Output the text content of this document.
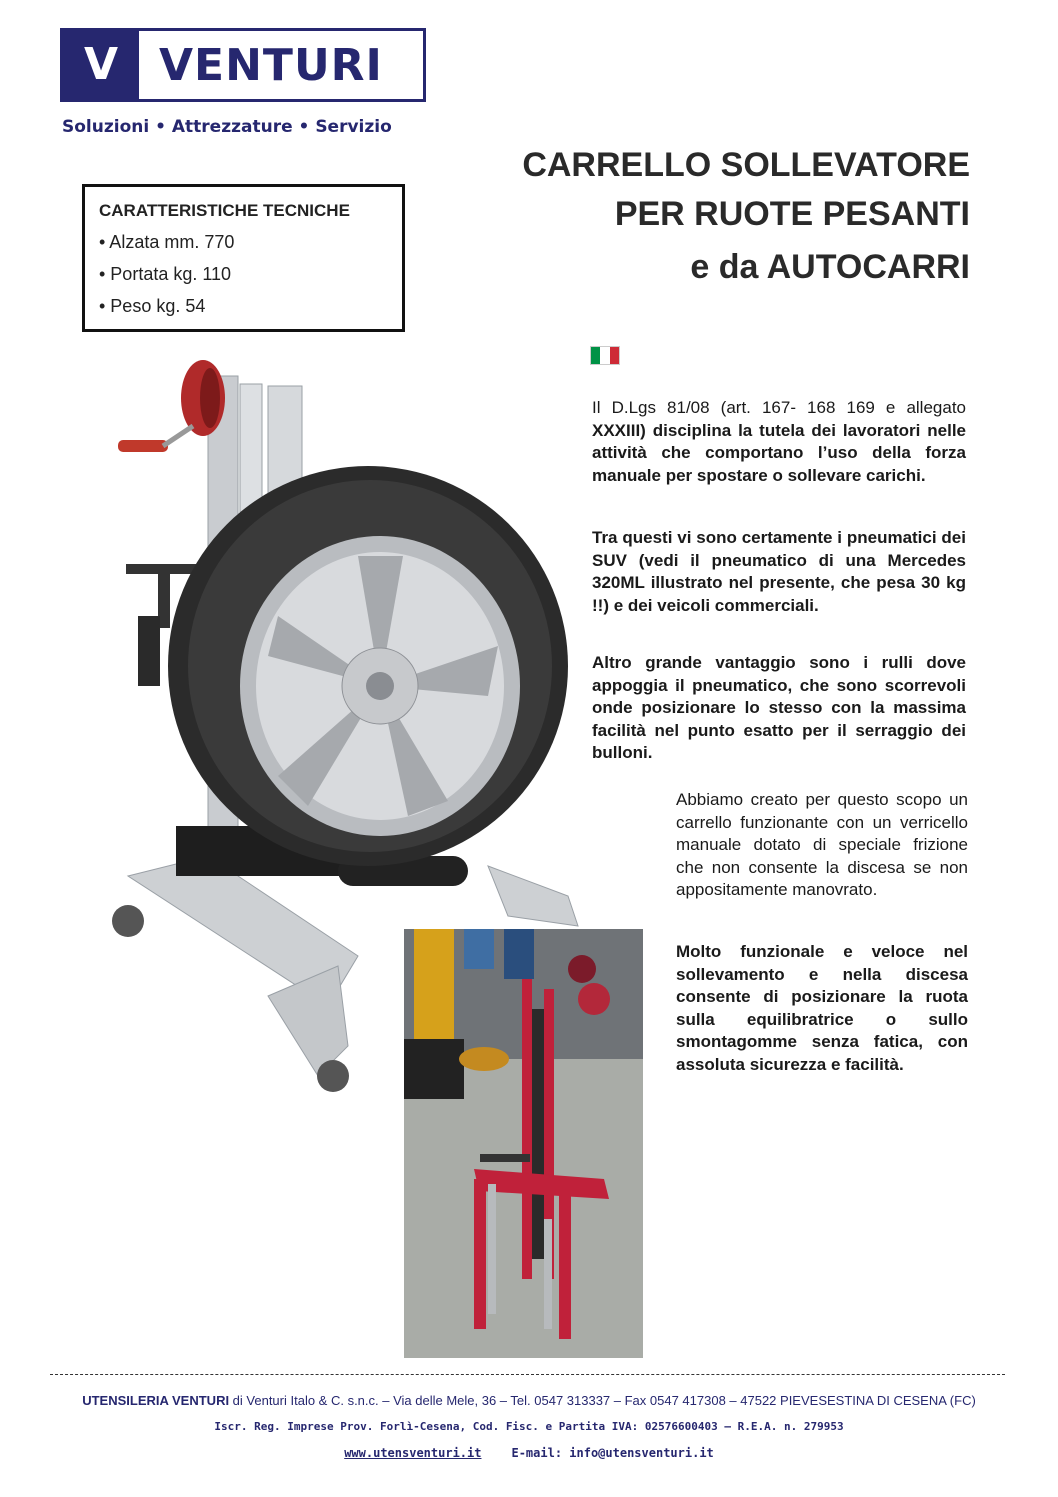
V VENTURI
Soluzioni • Attrezzature • Servizio
CARRELLO SOLLEVATORE
PER RUOTE PESANTI
e da AUTOCARRI
CARATTERISTICHE TECNICHE
• Alzata mm. 770
• Portata kg. 110
• Peso kg. 54
Il D.Lgs 81/08 (art. 167- 168 169 e allegato XXXIII) disciplina la tutela dei lavoratori nelle attività che comportano l’uso della forza manuale per spostare o sollevare carichi.
Tra questi vi sono certamente i pneumatici dei SUV (vedi il pneumatico di una Mercedes 320ML illustrato nel presente, che pesa 30 kg !!) e dei veicoli commerciali.
Altro grande vantaggio sono i rulli dove appoggia il pneumatico, che sono scorrevoli onde posizionare lo stesso con la massima facilità nel punto esatto per il serraggio dei bulloni.
Abbiamo creato per questo scopo un carrello funzionante con un verricello manuale dotato di speciale frizione che non consente la discesa se non appositamente manovrato.
Molto funzionale e veloce nel sollevamento e nella discesa consente di posizionare la ruota sulla equilibratrice o sullo smontagomme senza fatica, con assoluta sicurezza e facilità.
UTENSILERIA VENTURI di Venturi Italo & C. s.n.c. – Via delle Mele, 36 – Tel. 0547 313337 – Fax 0547 417308 – 47522 PIEVESESTINA DI CESENA (FC)
Iscr. Reg. Imprese Prov. Forlì-Cesena, Cod. Fisc. e Partita IVA: 02576600403 – R.E.A. n. 279953
www.utensventuri.it	E-mail: info@utensventuri.it
